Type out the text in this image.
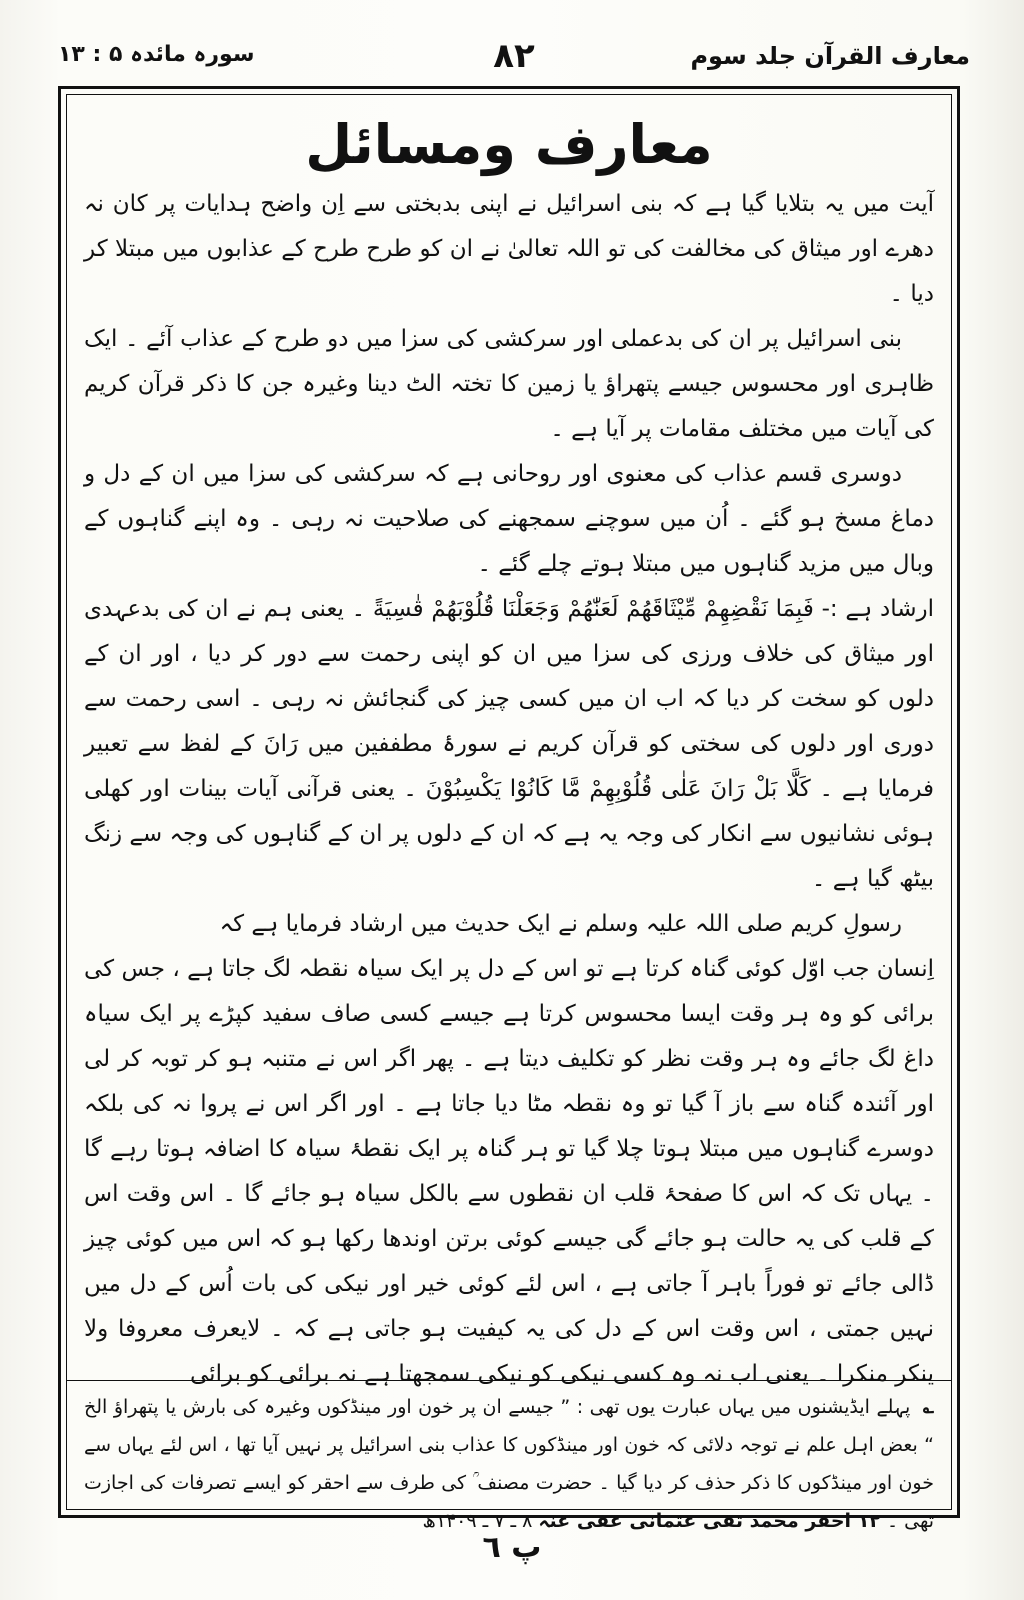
معارف القرآن جلد سوم
۸۲
سورہ مائدہ ۵ : ۱۳
معارف ومسائل

آیت میں یہ بتلایا گیا ہے کہ بنی اسرائیل نے اپنی بدبختی سے اِن واضح ہدایات پر کان نہ دھرے اور میثاق کی مخالفت کی تو اللہ تعالیٰ نے ان کو طرح طرح کے عذابوں میں مبتلا کر دیا ۔

بنی اسرائیل پر ان کی بدعملی اور سرکشی کی سزا میں دو طرح کے عذاب آئے ۔ ایک ظاہری اور محسوس جیسے پتھراؤ یا زمین کا تختہ الٹ دینا وغیرہ جن کا ذکر قرآن کریم کی آیات میں مختلف مقامات پر آیا ہے ۔

دوسری قسم عذاب کی معنوی اور روحانی ہے کہ سرکشی کی سزا میں ان کے دل و دماغ مسخ ہو گئے ۔ اُن میں سوچنے سمجھنے کی صلاحیت نہ رہی ۔ وہ اپنے گناہوں کے وبال میں مزید گناہوں میں مبتلا ہوتے چلے گئے ۔

ارشاد ہے :- فَبِمَا نَقْضِهِمْ مِّيْثَاقَهُمْ لَعَنّٰهُمْ وَجَعَلْنَا قُلُوْبَهُمْ قٰسِيَةً ۔ یعنی ہم نے ان کی بدعہدی اور میثاق کی خلاف ورزی کی سزا میں ان کو اپنی رحمت سے دور کر دیا ، اور ان کے دلوں کو سخت کر دیا کہ اب ان میں کسی چیز کی گنجائش نہ رہی ۔ اسی رحمت سے دوری اور دلوں کی سختی کو قرآن کریم نے سورۂ مطففین میں رَانَ کے لفظ سے تعبیر فرمایا ہے ۔ كَلَّا بَلْ رَانَ عَلٰى قُلُوْبِهِمْ مَّا كَانُوْا يَكْسِبُوْنَ ۔ یعنی قرآنی آیات بینات اور کھلی ہوئی نشانیوں سے انکار کی وجہ یہ ہے کہ ان کے دلوں پر ان کے گناہوں کی وجہ سے زنگ بیٹھ گیا ہے ۔

رسولِ کریم صلی اللہ علیہ وسلم نے ایک حدیث میں ارشاد فرمایا ہے کہ

اِنسان جب اوّل کوئی گناہ کرتا ہے تو اس کے دل پر ایک سیاہ نقطہ لگ جاتا ہے ، جس کی برائی کو وہ ہر وقت ایسا محسوس کرتا ہے جیسے کسی صاف سفید کپڑے پر ایک سیاہ داغ لگ جائے وہ ہر وقت نظر کو تکلیف دیتا ہے ۔ پھر اگر اس نے متنبہ ہو کر توبہ کر لی اور آئندہ گناہ سے باز آ گیا تو وہ نقطہ مٹا دیا جاتا ہے ۔ اور اگر اس نے پروا نہ کی بلکہ دوسرے گناہوں میں مبتلا ہوتا چلا گیا تو ہر گناہ پر ایک نقطۂ سیاہ کا اضافہ ہوتا رہے گا ۔ یہاں تک کہ اس کا صفحۂ قلب ان نقطوں سے بالکل سیاہ ہو جائے گا ۔ اس وقت اس کے قلب کی یہ حالت ہو جائے گی جیسے کوئی برتن اوندھا رکھا ہو کہ اس میں کوئی چیز ڈالی جائے تو فوراً باہر آ جاتی ہے ، اس لئے کوئی خیر اور نیکی کی بات اُس کے دل میں نہیں جمتی ، اس وقت اس کے دل کی یہ کیفیت ہو جاتی ہے کہ ۔ لایعرف معروفا ولا ینکر منکرا ۔ یعنی اب نہ وہ کسی نیکی کو نیکی سمجھتا ہے نہ برائی کو برائی

؎ پہلے ایڈیشنوں میں یہاں عبارت یوں تھی : ” جیسے ان پر خون اور مینڈکوں وغیرہ کی بارش یا پتھراؤ الخ “ بعض اہل علم نے توجہ دلائی کہ خون اور مینڈکوں کا عذاب بنی اسرائیل پر نہیں آیا تھا ، اس لئے یہاں سے خون اور مینڈکوں کا ذکر حذف کر دیا گیا ۔ حضرت مصنف ؒ کی طرف سے احقر کو ایسے تصرفات کی اجازت تھی ۔ ۱۲ احقر محمد تقی عثمانی عفی عنہ ۸ ـ ۷ ـ ۱۴۰۹ھ
پ ٦
